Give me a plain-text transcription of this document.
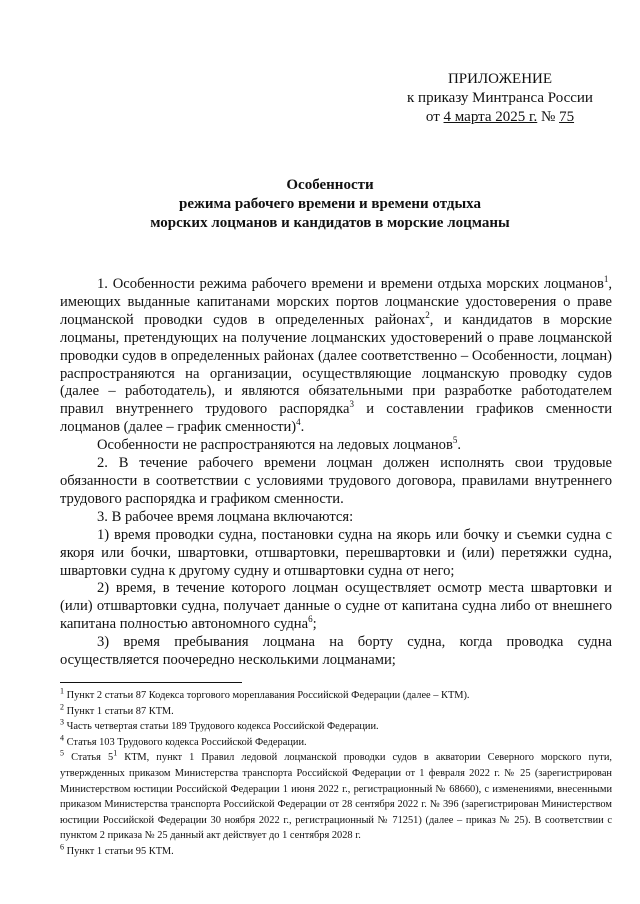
ПРИЛОЖЕНИЕ
к приказу Минтранса России
от 4 марта 2025 г. № 75
Особенности
режима рабочего времени и времени отдыха
морских лоцманов и кандидатов в морские лоцманы

1. Особенности режима рабочего времени и времени отдыха морских лоцманов$^1$, имеющих выданные капитанами морских портов лоцманские удостоверения о праве лоцманской проводки судов в определенных районах$^2$, и кандидатов в морские лоцманы, претендующих на получение лоцманских удостоверений о праве лоцманской проводки судов в определенных районах (далее соответственно – Особенности, лоцман) распространяются на организации, осуществляющие лоцманскую проводку судов (далее – работодатель), и являются обязательными при разработке работодателем правил внутреннего трудового распорядка$^3$ и составлении графиков сменности лоцманов (далее – график сменности)$^4$.

Особенности не распространяются на ледовых лоцманов$^5$.

2. В течение рабочего времени лоцман должен исполнять свои трудовые обязанности в соответствии с условиями трудового договора, правилами внутреннего трудового распорядка и графиком сменности.

3. В рабочее время лоцмана включаются:

1) время проводки судна, постановки судна на якорь или бочку и съемки судна с якоря или бочки, швартовки, отшвартовки, перешвартовки и (или) перетяжки судна, швартовки судна к другому судну и отшвартовки судна от него;

2) время, в течение которого лоцман осуществляет осмотр места швартовки и (или) отшвартовки судна, получает данные о судне от капитана судна либо от внешнего капитана полностью автономного судна$^6$;

3) время пребывания лоцмана на борту судна, когда проводка судна осуществляется поочередно несколькими лоцманами;

$^1$ Пункт 2 статьи 87 Кодекса торгового мореплавания Российской Федерации (далее – КТМ).

$^2$ Пункт 1 статьи 87 КТМ.

$^3$ Часть четвертая статьи 189 Трудового кодекса Российской Федерации.

$^4$ Статья 103 Трудового кодекса Российской Федерации.

$^5$ Статья $5^1$ КТМ, пункт 1 Правил ледовой лоцманской проводки судов в акватории Северного морского пути, утвержденных приказом Министерства транспорта Российской Федерации от 1 февраля 2022 г. № 25 (зарегистрирован Министерством юстиции Российской Федерации 1 июня 2022 г., регистрационный № 68660), с изменениями, внесенными приказом Министерства транспорта Российской Федерации от 28 сентября 2022 г. № 396 (зарегистрирован Министерством юстиции Российской Федерации 30 ноября 2022 г., регистрационный № 71251) (далее – приказ № 25). В соответствии с пунктом 2 приказа № 25 данный акт действует до 1 сентября 2028 г.

$^6$ Пункт 1 статьи 95 КТМ.
